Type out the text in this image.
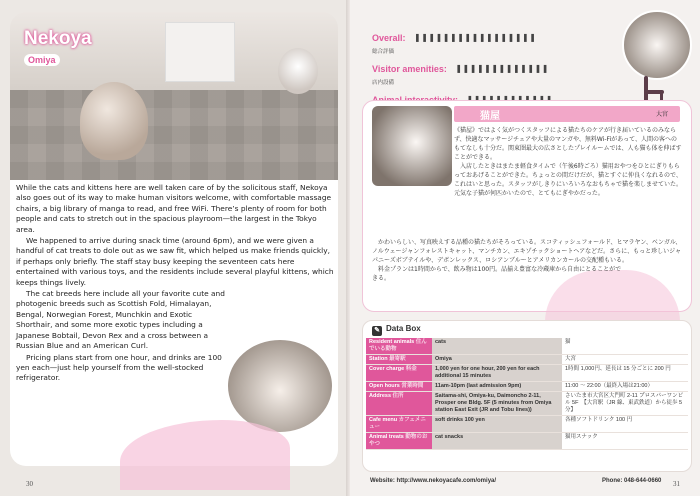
Nekoya
Omiya

While the cats and kittens here are well taken care of by the solicitous staff, Nekoya also goes out of its way to make human visitors welcome, with comfortable massage chairs, a big library of manga to read, and free WiFi. There’s plenty of room for both people and cats to stretch out in the spacious playroom—the largest in the Tokyo area.

We happened to arrive during snack time (around 6pm), and we were given a handful of cat treats to dole out as we saw fit, which helped us make friends quickly, if perhaps only briefly. The staff stay busy keeping the seventeen cats here entertained with various toys, and the residents include several playful kittens, which keeps things lively.

The cat breeds here include all your favorite cute and photogenic breeds such as Scottish Fold, Himalayan, Bengal, Norwegian Forest, Munchkin and Exotic Shorthair, and some more exotic types including a Japanese Bobtail, Devon Rex and a cross between a Russian Blue and an American Curl.

Pricing plans start from one hour, and drinks are 100 yen each—just help yourself from the well-stocked refrigerator.

30
Overall: ❚❚❚❚❚❚❚❚❚❚❚❚❚❚❚❚❚
総合評価
Visitor amenities: ❚❚❚❚❚❚❚❚❚❚❚❚❚
店内設備

猫屋	大宮

《猫屋》ではよく気がつくスタッフによる猫たちのケアが行き届いているのみならず、快適なマッサージチェアや大量のマンガや、無料Wi-Fiがあって、人間の客へのもてなしも十分だ。関東圏最大の広さとしたプレイルームでは、人も猫も体を伸ばすことができる。

入店したときはまたま軽食タイムで（午後6時ごろ）猫用おやつをひとにぎりもらっておあげることができた。ちょっとの間だけだが、猫とすぐに仲良くなれるので、これはいと思った。スタッフがしきりにいろいろなおもちゃで猫を楽しませていた。元気な子猫が何匹かいたので、とてもにぎやかだった。

かわいらしい、写真映えする品種の猫たちがそろっている。スコティッシュフォールド、ヒマラヤン、ベンガル、ノルウェージャンフォレストキャット、マンチカン、エキゾチックショートヘアなどだ。さらに、もっと珍しいジャパニーズボブテイルや、デボンレックス、ロシアンブルーとアメリカンカールの交配種もいる。

料金プランは1時間からで、飲み物は100円。品揃え豊富な冷蔵庫から自由にとることができる。

✎ Data Box
Resident animals 住んでいる動物	cats	猫
Station 最寄駅	Omiya	大宮
Cover charge 料金	1,000 yen for one hour, 200 yen for each additional 15 minutes	1時間 1,000円、延長は 15 分ごとに 200 円
Open hours 営業時間	11am-10pm (last admission 9pm)	11:00 ～ 22:00（最終入場は21:00）
Address 住所	Saitama-shi, Omiya-ku, Daimoncho 2-11, Prosper one Bldg. 5F (5 minutes from Omiya station East Exit (JR and Tobu lines))	さいたま市大宮区大門町 2-11 プロスパーワンビル 5F　【大宮駅（JR 線、東武鉄道）から徒歩 5 分】
Cafe menu カフェメニュー	soft drinks 100 yen	各種ソフトドリンク 100 円
Animal treats 動物のおやつ	cat snacks	猫用スナック
Website: http://www.nekoyacafe.com/omiya/	Phone: 048-644-0660 31
